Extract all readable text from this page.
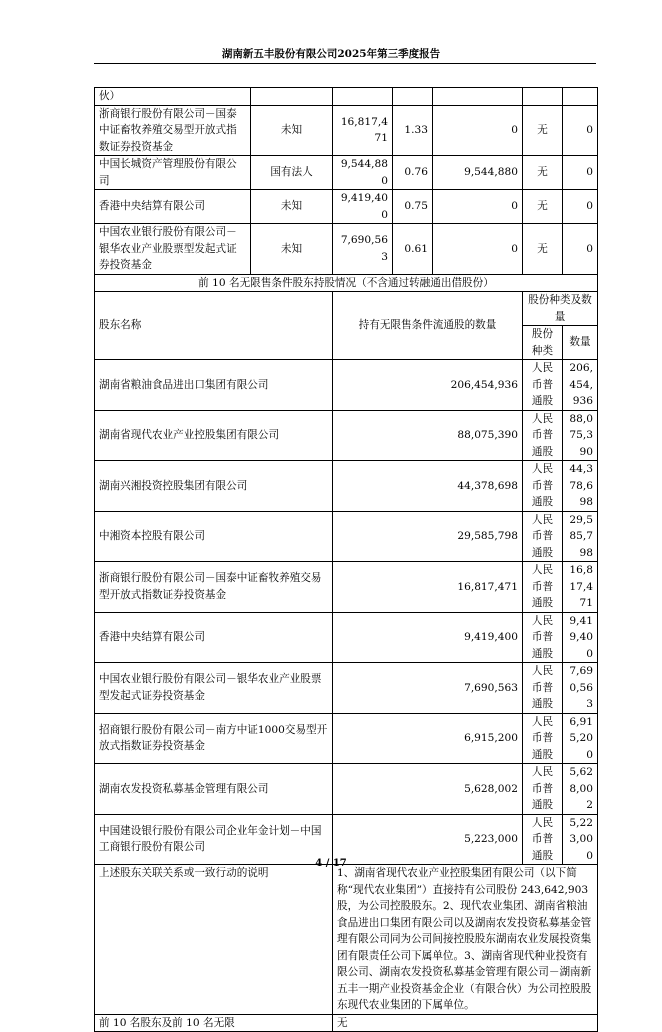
湖南新五丰股份有限公司2025年第三季度报告
伙）						
浙商银行股份有限公司－国泰中证畜牧养殖交易型开放式指数证券投资基金	未知	16,817,471	1.33	0	无	0
中国长城资产管理股份有限公司	国有法人	9,544,880	0.76	9,544,880	无	0
香港中央结算有限公司	未知	9,419,400	0.75	0	无	0
中国农业银行股份有限公司－银华农业产业股票型发起式证券投资基金	未知	7,690,563	0.61	0	无	0
前 10 名无限售条件股东持股情况（不含通过转融通出借股份）						
股东名称		持有无限售条件流通股的数量			股份种类及数量	
					股份种类	数量
湖南省粮油食品进出口集团有限公司		206,454,936			人民币普通股	206,454,936
湖南省现代农业产业控股集团有限公司		88,075,390			人民币普通股	88,075,390
湖南兴湘投资控股集团有限公司		44,378,698			人民币普通股	44,378,698
中湘资本控股有限公司		29,585,798			人民币普通股	29,585,798
浙商银行股份有限公司－国泰中证畜牧养殖交易型开放式指数证券投资基金		16,817,471			人民币普通股	16,817,471
香港中央结算有限公司		9,419,400			人民币普通股	9,419,400
中国农业银行股份有限公司－银华农业产业股票型发起式证券投资基金		7,690,563			人民币普通股	7,690,563
招商银行股份有限公司－南方中证1000交易型开放式指数证券投资基金		6,915,200			人民币普通股	6,915,200
湖南农发投资私募基金管理有限公司		5,628,002			人民币普通股	5,628,002
中国建设银行股份有限公司企业年金计划－中国工商银行股份有限公司		5,223,000			人民币普通股	5,223,000
上述股东关联关系或一致行动的说明		1、湖南省现代农业产业控股集团有限公司（以下简称“现代农业集团”）直接持有公司股份 243,642,903 股，为公司控股股东。2、现代农业集团、湖南省粮油食品进出口集团有限公司以及湖南农发投资私募基金管理有限公司同为公司间接控股股东湖南农业发展投资集团有限责任公司下属单位。3、湖南省现代种业投资有限公司、湖南农发投资私募基金管理有限公司－湖南新五丰一期产业投资基金企业（有限合伙）为公司控股股东现代农业集团的下属单位。				
前 10 名股东及前 10 名无限		无				
4 / 17
